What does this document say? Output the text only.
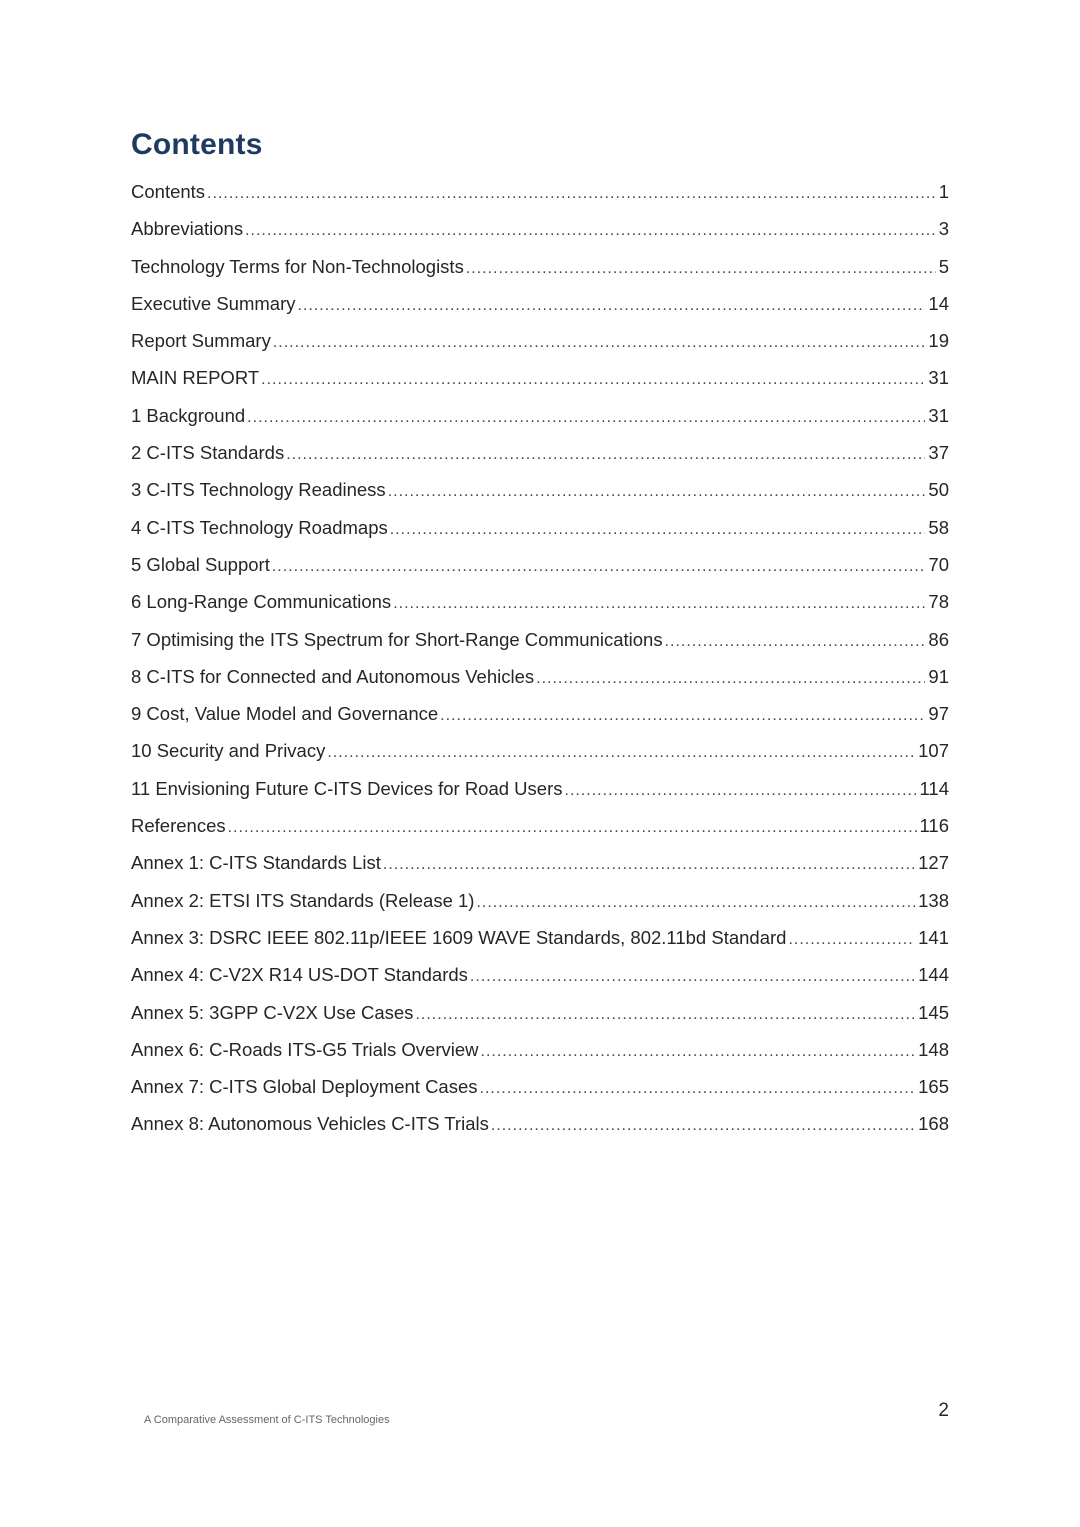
Contents
Contents .....	1
Abbreviations .....	3
Technology Terms for Non-Technologists .....	5
Executive Summary .....	14
Report Summary .....	19
MAIN REPORT .....	31
1 Background .....	31
2 C-ITS Standards .....	37
3 C-ITS Technology Readiness .....	50
4 C-ITS Technology Roadmaps .....	58
5 Global Support .....	70
6 Long-Range Communications .....	78
7 Optimising the ITS Spectrum for Short-Range Communications .....	86
8 C-ITS for Connected and Autonomous Vehicles .....	91
9 Cost, Value Model and Governance .....	97
10 Security and Privacy .....	107
11 Envisioning Future C-ITS Devices for Road Users .....	114
References .....	116
Annex 1: C-ITS Standards List .....	127
Annex 2: ETSI ITS Standards (Release 1) .....	138
Annex 3: DSRC IEEE 802.11p/IEEE 1609 WAVE Standards, 802.11bd Standard .....	141
Annex 4: C-V2X R14 US-DOT Standards .....	144
Annex 5: 3GPP C-V2X Use Cases .....	145
Annex 6: C-Roads ITS-G5 Trials Overview .....	148
Annex 7: C-ITS Global Deployment Cases .....	165
Annex 8: Autonomous Vehicles C-ITS Trials .....	168
A Comparative Assessment of C-ITS Technologies	2
